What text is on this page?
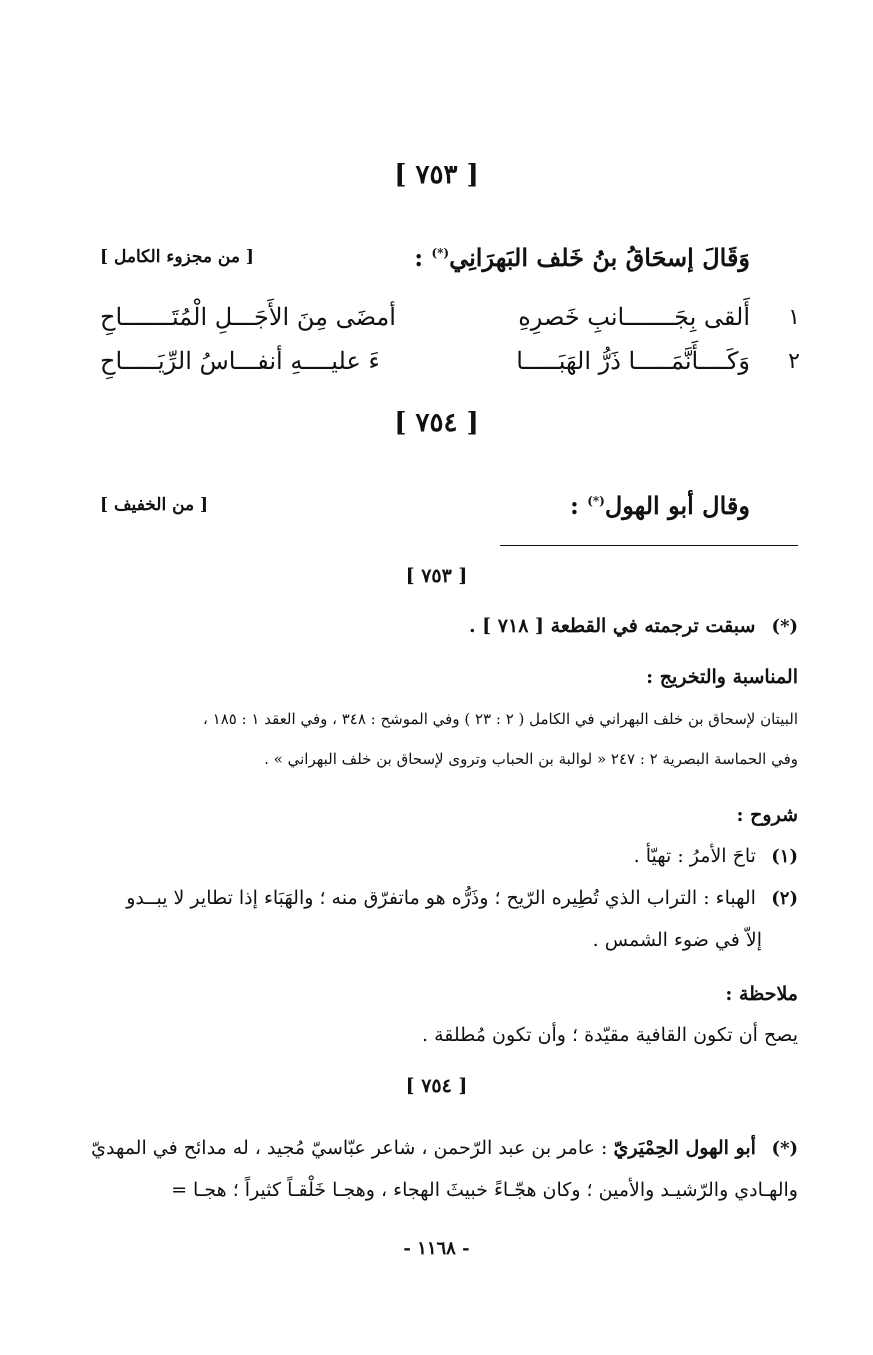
[ ٧٥٣ ]
وَقَالَ إسحَاقُ بنُ خَلف البَهرَانِي(*) :
[ من مجزوء الكامل ]
١
أَلقى بِجَـــــــانبِ خَصرِهِ
أمضَى مِنَ الأَجَـــلِ الْمُتَـــــــاحِ
٢
وَكَــــأَنَّمَـــــا ذَرُّ الهَبَـــــا
ءَ عليــــهِ أنفـــاسُ الرِّيَـــــاحِ
[ ٧٥٤ ]
وقال أبو الهول(*) :
[ من الخفيف ]
[ ٧٥٣ ]
(*) سبقت ترجمته في القطعة [ ٧١٨ ] .
المناسبة والتخريج :
البيتان لإسحاق بن خلف البهراني في الكامل ( ٢ : ٢٣ ) وفي الموشح : ٣٤٨ ، وفي العقد ١ : ١٨٥ ،
وفي الحماسة البصرية ٢ : ٢٤٧ « لوالبة بن الحباب وتروى لإسحاق بن خلف البهراني » .
شروح :
(١) تاحَ الأمرُ : تهيّأ .
(٢) الهباء : التراب الذي تُطِيره الرّيح ؛ وذَرُّه هو ماتفرّق منه ؛ والهَبَاء إذا تطاير لا يبــدو
إلاّ في ضوء الشمس .
ملاحظة :
يصح أن تكون القافية مقيّدة ؛ وأن تكون مُطلقة .
[ ٧٥٤ ]
(*) أبو الهول الحِمْيَريّ : عامر بن عبد الرّحمن ، شاعر عبّاسيّ مُجيد ، له مدائح في المهديّ
والهـادي والرّشيـد والأمين ؛ وكان هجّـاءً خبيثَ الهجاء ، وهجـا خَلْقـاً كثيراً ؛ هجـا =
- ١١٦٨ -
